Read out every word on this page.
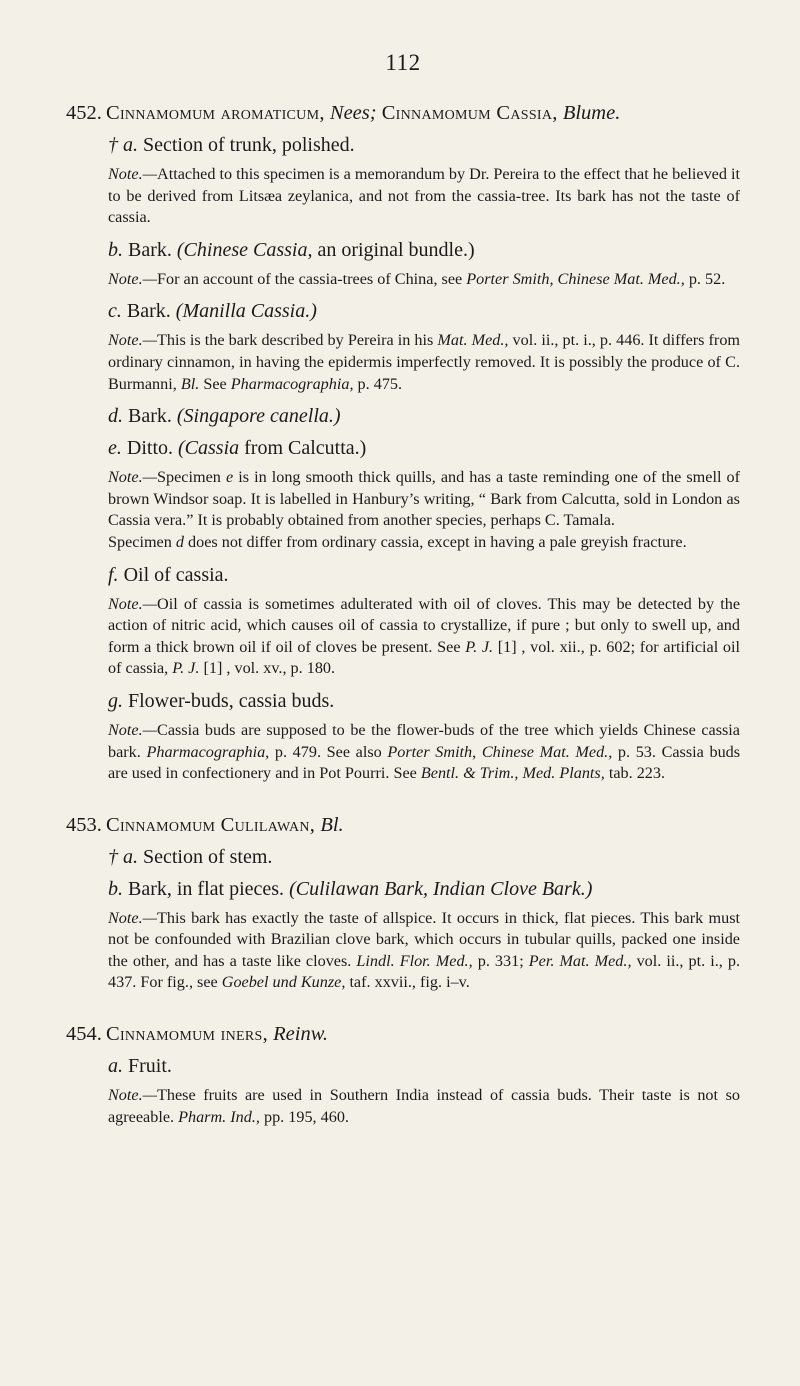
112
452. Cinnamomum aromaticum, Nees; Cinnamomum Cassia, Blume.
† a. Section of trunk, polished.
Note.—Attached to this specimen is a memorandum by Dr. Pereira to the effect that he believed it to be derived from Litsæa zeylanica, and not from the cassia-tree. Its bark has not the taste of cassia.
b. Bark. (Chinese Cassia, an original bundle.)
Note.—For an account of the cassia-trees of China, see Porter Smith, Chinese Mat. Med., p. 52.
c. Bark. (Manilla Cassia.)
Note.—This is the bark described by Pereira in his Mat. Med., vol. ii., pt. i., p. 446. It differs from ordinary cinnamon, in having the epidermis imperfectly removed. It is possibly the produce of C. Burmanni, Bl. See Pharmacographia, p. 475.
d. Bark. (Singapore canella.)
e. Ditto. (Cassia from Calcutta.)

Note.—Specimen e is in long smooth thick quills, and has a taste reminding one of the smell of brown Windsor soap. It is labelled in Hanbury’s writing, “ Bark from Calcutta, sold in London as Cassia vera.” It is probably obtained from another species, perhaps C. Tamala.

Specimen d does not differ from ordinary cassia, except in having a pale greyish fracture.

f. Oil of cassia.
Note.—Oil of cassia is sometimes adulterated with oil of cloves. This may be detected by the action of nitric acid, which causes oil of cassia to crystallize, if pure ; but only to swell up, and form a thick brown oil if oil of cloves be present. See P. J. [1] , vol. xii., p. 602; for artificial oil of cassia, P. J. [1] , vol. xv., p. 180.
g. Flower-buds, cassia buds.
Note.—Cassia buds are supposed to be the flower-buds of the tree which yields Chinese cassia bark. Pharmacographia, p. 479. See also Porter Smith, Chinese Mat. Med., p. 53. Cassia buds are used in confectionery and in Pot Pourri. See Bentl. & Trim., Med. Plants, tab. 223.
453. Cinnamomum Culilawan, Bl.
† a. Section of stem.
b. Bark, in flat pieces. (Culilawan Bark, Indian Clove Bark.)
Note.—This bark has exactly the taste of allspice. It occurs in thick, flat pieces. This bark must not be confounded with Brazilian clove bark, which occurs in tubular quills, packed one inside the other, and has a taste like cloves. Lindl. Flor. Med., p. 331; Per. Mat. Med., vol. ii., pt. i., p. 437. For fig., see Goebel und Kunze, taf. xxvii., fig. i–v.
454. Cinnamomum iners, Reinw.
a. Fruit.
Note.—These fruits are used in Southern India instead of cassia buds. Their taste is not so agreeable. Pharm. Ind., pp. 195, 460.
